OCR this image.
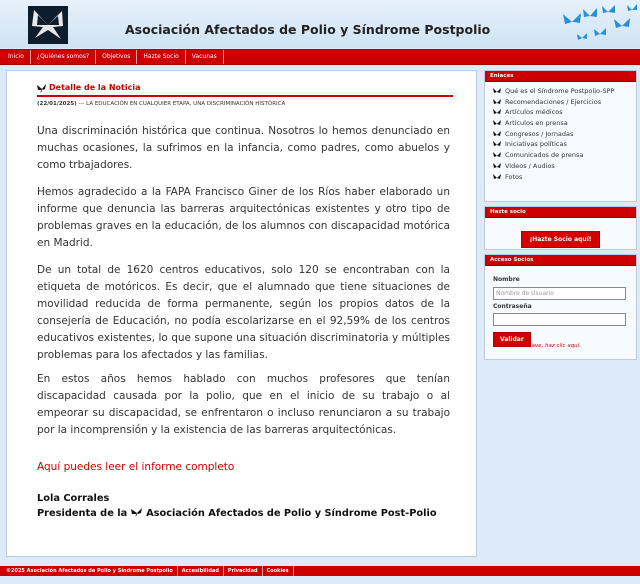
Asociación Afectados de Polio y Síndrome Postpolio
Inicio	¿Quiénes somos?	Objetivos	Hazte Socio	Vacunas
Detalle de la Noticia
(22/01/2025) --- LA EDUCACIÓN EN CUALQUIER ETAPA, UNA DISCRIMINACIÓN HISTÓRICA
Una discriminación histórica que continua. Nosotros lo hemos denunciado en muchas ocasiones, la sufrimos en la infancia, como padres, como abuelos y como trbajadores.
Hemos agradecido a la FAPA Francisco Giner de los Ríos haber elaborado un informe que denuncia las barreras arquitectónicas existentes y otro tipo de problemas graves en la educación, de los alumnos con discapacidad motórica en Madrid.
De un total de 1620 centros educativos, solo 120 se encontraban con la etiqueta de motóricos. Es decir, que el alumnado que tiene situaciones de movilidad reducida de forma permanente, según los propios datos de la consejería de Educación, no podía escolarizarse en el 92,59% de los centros educativos existentes, lo que supone una situación discriminatoria y múltiples problemas para los afectados y las familias.
En estos años hemos hablado con muchos profesores que tenían discapacidad causada por la polio, que en el inicio de su trabajo o al empeorar su discapacidad, se enfrentaron o incluso renunciaron a su trabajo por la incomprensión y la existencia de las barreras arquitectónicas.
Aquí puedes leer el informe completo
Lola Corrales
Presidenta de la Asociación Afectados de Polio y Síndrome Post-Polio
Enlaces
Qué es el Síndrome Postpolio-SPP
Recomendaciones / Ejercicios
Artículos médicos
Artículos en prensa
Congresos / Jornadas
Iniciativas políticas
Comunicados de prensa
Videos / Audios
Fotos
Hazte socio
¡Hazte Socio aquí!
Acceso Socios
Nombre
Nombre de Usuario
Contraseña
Validar
Si no tienes clave, haz clic aquí.
©2025 Asociación Afectados de Polio y Síndrome Postpolio	Accesibilidad	Privacidad	Cookies
